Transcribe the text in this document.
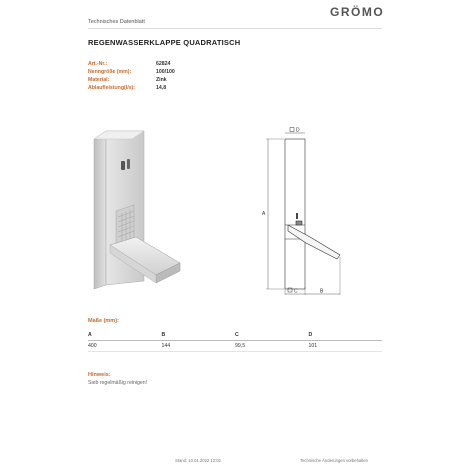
Technisches Datenblatt
GRÖMO
REGENWASSERKLAPPE QUADRATISCH
Art.-Nr.:	62824
Nenngröße (mm):	100/100
Material:	Zink
Ablaufleistung(l/s):	14,8
D
A
C	B
Maße (mm):
A	B	C	D
400	144	99,5	101
Hinweis:
Sieb regelmäßig reinigen!
Stand: 10.01.2022 12:02	Technische Änderungen vorbehalten
